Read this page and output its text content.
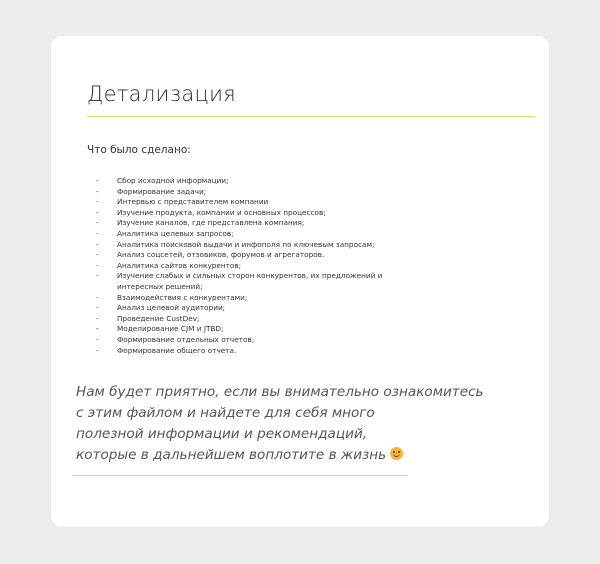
Детализация

Что было сделано:

-	Сбор исходной информации;
-	Формирование задачи;
-	Интервью с представителем компании
-	Изучение продукта, компании и основных процессов;
-	Изучение каналов, где представлена компания;
-	Аналитика целевых запросов;
-	Аналитика поисковой выдачи и инфополя по ключевым запросам;
-	Анализ соцсетей, отзовиков, форумов и агрегаторов.
-	Аналитика сайтов конкурентов;
-	Изучение слабых и сильных сторон конкурентов, их предложений и интересных решений;
-	Взаимодействия с конкурентами;
-	Анализ целевой аудитории;
-	Проведение CustDev;
-	Моделирование CJM и JTBD;
-	Формирование отдельных отчетов;
-	Формирование общего отчета.

Нам будет приятно, если вы внимательно ознакомитесь
с этим файлом и найдете для себя много
полезной информации и рекомендаций,
которые в дальнейшем воплотите в жизнь
